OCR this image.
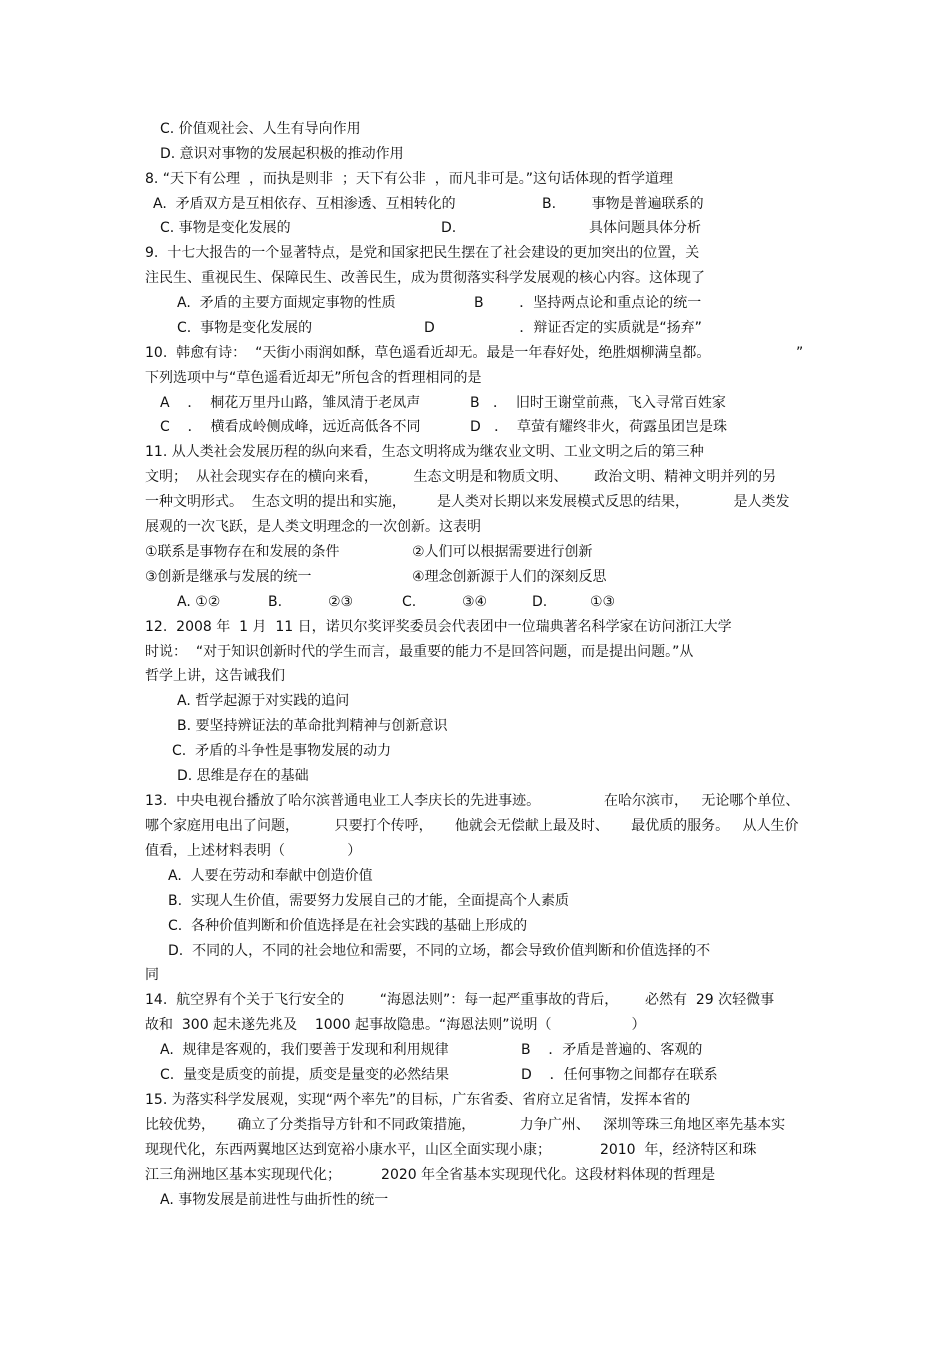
C. 价值观社会、人生有导向作用
D. 意识对事物的发展起积极的推动作用
8. “天下有公理  ，而执是则非  ；天下有公非  ，而凡非可是。”这句话体现的哲学道理
A.  矛盾双方是互相依存、互相渗透、互相转化的	B.        事物是普遍联系的
C. 事物是变化发展的	D.	具体问题具体分析
9.  十七大报告的一个显著特点，是党和国家把民生摆在了社会建设的更加突出的位置，关
注民生、重视民生、保障民生、改善民生，成为贯彻落实科学发展观的核心内容。这体现了
A.  矛盾的主要方面规定事物的性质	B        ．坚持两点论和重点论的统一
C.  事物是变化发展的	D                   ．辩证否定的实质就是“扬弃”
10.  韩愈有诗：  “天街小雨润如酥，草色遥看近却无。最是一年春好处，绝胜烟柳满皇都。	”
下列选项中与“草色遥看近却无”所包含的哲理相同的是
A    ．  桐花万里丹山路，雏凤清于老凤声	B   ．  旧时王谢堂前燕，飞入寻常百姓家
C    ．  横看成岭侧成峰，远近高低各不同	D   ．  草萤有耀终非火，荷露虽团岂是珠
11. 从人类社会发展历程的纵向来看，生态文明将成为继农业文明、工业文明之后的第三种
文明；  从社会现实存在的横向来看，        生态文明是和物质文明、      政治文明、精神文明并列的另
一种文明形式。  生态文明的提出和实施，       是人类对长期以来发展模式反思的结果，          是人类发
展观的一次飞跃，是人类文明理念的一次创新。这表明
①联系是事物存在和发展的条件	②人们可以根据需要进行创新
③创新是继承与发展的统一	④理念创新源于人们的深刻反思
A. ①②	B.	②③	C.	③④	D.	①③
12.  2008 年  1 月  11 日，诺贝尔奖评奖委员会代表团中一位瑞典著名科学家在访问浙江大学
时说：  “对于知识创新时代的学生而言，最重要的能力不是回答问题，而是提出问题。”从
哲学上讲，这告诫我们
A. 哲学起源于对实践的追问
B. 要坚持辨证法的革命批判精神与创新意识
C.  矛盾的斗争性是事物发展的动力
D. 思维是存在的基础
13.  中央电视台播放了哈尔滨普通电业工人李庆长的先进事迹。	在哈尔滨市，   无论哪个单位、
哪个家庭用电出了问题，        只要打个传呼，     他就会无偿献上最及时、     最优质的服务。   从人生价
值看，上述材料表明（              ）
A.  人要在劳动和奉献中创造价值
B.  实现人生价值，需要努力发展自己的才能，全面提高个人素质
C.  各种价值判断和价值选择是在社会实践的基础上形成的
D.  不同的人，不同的社会地位和需要，不同的立场，都会导致价值判断和价值选择的不
同
14.  航空界有个关于飞行安全的        “海恩法则”：每一起严重事故的背后，      必然有  29 次轻微事
故和  300 起未遂先兆及    1000 起事故隐患。“海恩法则”说明（                  ）
A.  规律是客观的，我们要善于发现和利用规律	B    ．矛盾是普遍的、客观的
C.  量变是质变的前提，质变是量变的必然结果	D    ．任何事物之间都存在联系
15. 为落实科学发展观，实现“两个率先”的目标，广东省委、省府立足省情，发挥本省的
比较优势，     确立了分类指导方针和不同政策措施，          力争广州、   深圳等珠三角地区率先基本实
现现代化，东西两翼地区达到宽裕小康水平，山区全面实现小康；           2010  年，经济特区和珠
江三角洲地区基本实现现代化；         2020 年全省基本实现现代化。这段材料体现的哲理是
A. 事物发展是前进性与曲折性的统一
